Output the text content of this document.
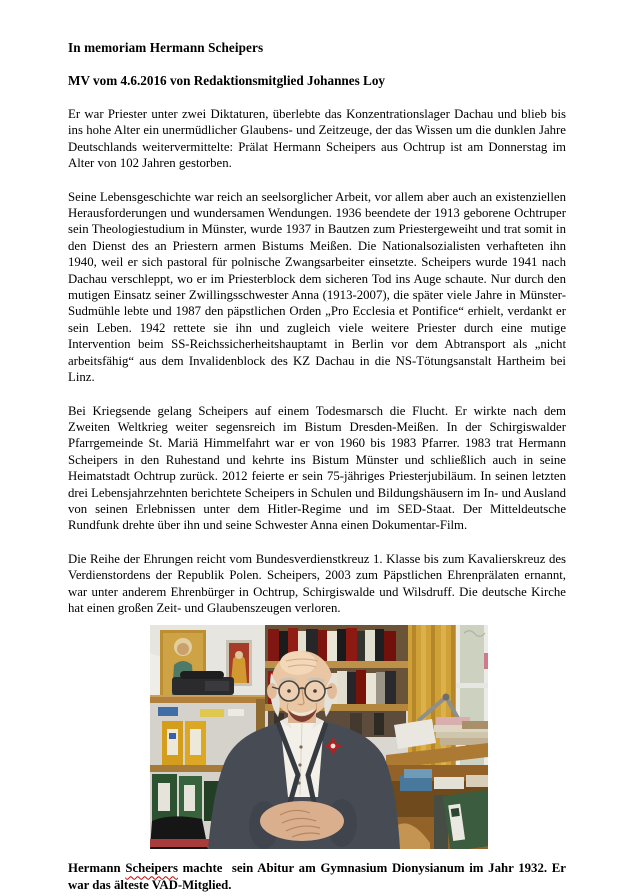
In memoriam Hermann Scheipers
MV vom 4.6.2016 von Redaktionsmitglied Johannes Loy

Er war Priester unter zwei Diktaturen, überlebte das Konzentrationslager Dachau und blieb bis ins hohe Alter ein unermüdlicher Glaubens- und Zeitzeuge, der das Wissen um die dunklen Jahre Deutschlands weitervermittelte: Prälat Hermann Scheipers aus Ochtrup ist am Donnerstag im Alter von 102 Jahren gestorben.

Seine Lebensgeschichte war reich an seelsorglicher Arbeit, vor allem aber auch an existenziellen Herausforderungen und wundersamen Wendungen. 1936 beendete der 1913 geborene Ochtruper sein Theologiestudium in Münster, wurde 1937 in Bautzen zum Priestergeweiht und trat somit in den Dienst des an Priestern armen Bistums Meißen. Die Nationalsozialisten verhafteten ihn 1940, weil er sich pastoral für polnische Zwangsarbeiter einsetzte. Scheipers wurde 1941 nach Dachau verschleppt, wo er im Priesterblock dem sicheren Tod ins Auge schaute. Nur durch den mutigen Einsatz seiner Zwillingsschwester Anna (1913-2007), die später viele Jahre in Münster-Sudmühle lebte und 1987 den päpstlichen Orden „Pro Ecclesia et Pontifice“ erhielt, verdankt er sein Leben. 1942 rettete sie ihn und zugleich viele weitere Priester durch eine mutige Intervention beim SS-Reichssicherheitshauptamt in Berlin vor dem Abtransport als „nicht arbeitsfähig“ aus dem Invalidenblock des KZ Dachau in die NS-Tötungsanstalt Hartheim bei Linz.

Bei Kriegsende gelang Scheipers auf einem Todesmarsch die Flucht. Er wirkte nach dem Zweiten Weltkrieg weiter segensreich im Bistum Dresden-Meißen. In der Schirgiswalder Pfarrgemeinde St. Mariä Himmelfahrt war er von 1960 bis 1983 Pfarrer. 1983 trat Hermann Scheipers in den Ruhestand und kehrte ins Bistum Münster und schließlich auch in seine Heimatstadt Ochtrup zurück. 2012 feierte er sein 75-jähriges Priesterjubiläum. In seinen letzten drei Lebensjahrzehnten berichtete Scheipers in Schulen und Bildungshäusern im In- und Ausland von seinen Erlebnissen unter dem Hitler-Regime und im SED-Staat. Der Mitteldeutsche Rundfunk drehte über ihn und seine Schwester Anna einen Dokumentar-Film.

Die Reihe der Ehrungen reicht vom Bundesverdienstkreuz 1. Klasse bis zum Kavalierskreuz des Verdienstordens der Republik Polen. Scheipers, 2003 zum Päpstlichen Ehrenprälaten ernannt, war unter anderem Ehrenbürger in Ochtrup, Schirgiswalde und Wilsdruff. Die deutsche Kirche hat einen großen Zeit- und Glaubenszeugen verloren.

Hermann Scheipers machte  sein Abitur am Gymnasium Dionysianum im Jahr 1932. Er war das älteste VAD-Mitglied.
